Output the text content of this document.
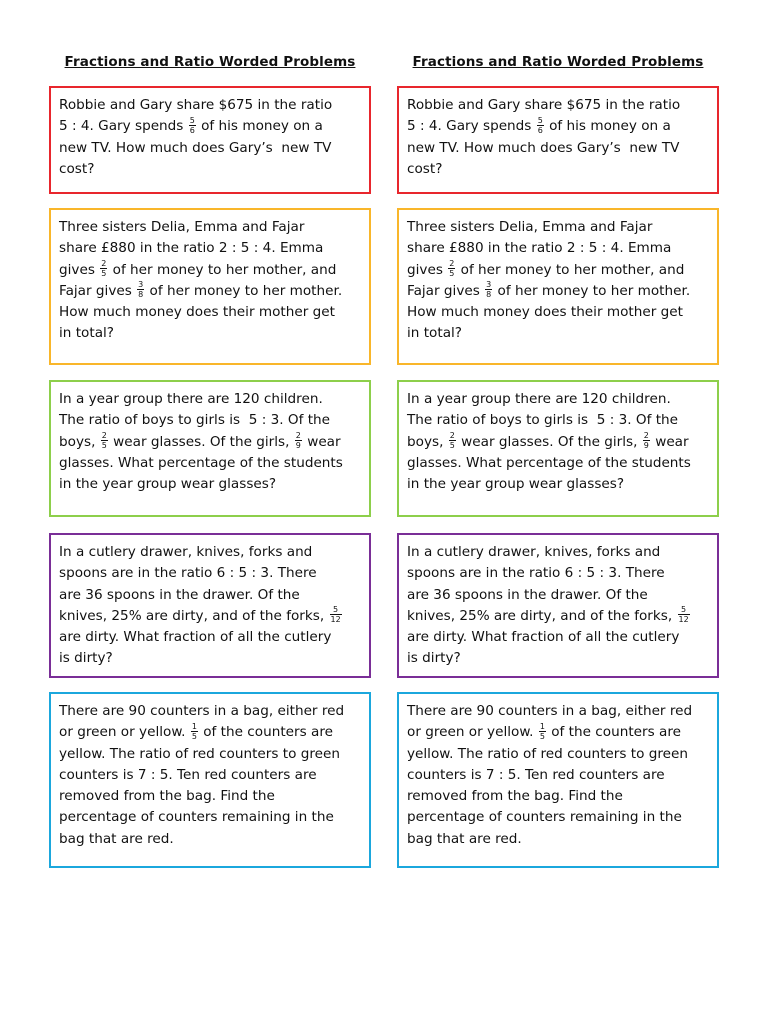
Fractions and Ratio Worded Problems
Robbie and Gary share $675 in the ratio
5 : 4. Gary spends $\frac{5}{6}$ of his money on a
new TV. How much does Gary’s  new TV
cost?
Three sisters Delia, Emma and Fajar
share £880 in the ratio 2 : 5 : 4. Emma
gives $\frac{2}{5}$ of her money to her mother, and
Fajar gives $\frac{3}{8}$ of her money to her mother.
How much money does their mother get
in total?
In a year group there are 120 children.
The ratio of boys to girls is  5 : 3. Of the
boys, $\frac{2}{5}$ wear glasses. Of the girls, $\frac{2}{9}$ wear
glasses. What percentage of the students
in the year group wear glasses?
In a cutlery drawer, knives, forks and
spoons are in the ratio 6 : 5 : 3. There
are 36 spoons in the drawer. Of the
knives, 25% are dirty, and of the forks, $\frac{5}{12}$
are dirty. What fraction of all the cutlery
is dirty?
There are 90 counters in a bag, either red
or green or yellow. $\frac{1}{5}$ of the counters are
yellow. The ratio of red counters to green
counters is 7 : 5. Ten red counters are
removed from the bag. Find the
percentage of counters remaining in the
bag that are red.
Fractions and Ratio Worded Problems
Robbie and Gary share $675 in the ratio
5 : 4. Gary spends $\frac{5}{6}$ of his money on a
new TV. How much does Gary’s  new TV
cost?
Three sisters Delia, Emma and Fajar
share £880 in the ratio 2 : 5 : 4. Emma
gives $\frac{2}{5}$ of her money to her mother, and
Fajar gives $\frac{3}{8}$ of her money to her mother.
How much money does their mother get
in total?
In a year group there are 120 children.
The ratio of boys to girls is  5 : 3. Of the
boys, $\frac{2}{5}$ wear glasses. Of the girls, $\frac{2}{9}$ wear
glasses. What percentage of the students
in the year group wear glasses?
In a cutlery drawer, knives, forks and
spoons are in the ratio 6 : 5 : 3. There
are 36 spoons in the drawer. Of the
knives, 25% are dirty, and of the forks, $\frac{5}{12}$
are dirty. What fraction of all the cutlery
is dirty?
There are 90 counters in a bag, either red
or green or yellow. $\frac{1}{5}$ of the counters are
yellow. The ratio of red counters to green
counters is 7 : 5. Ten red counters are
removed from the bag. Find the
percentage of counters remaining in the
bag that are red.
